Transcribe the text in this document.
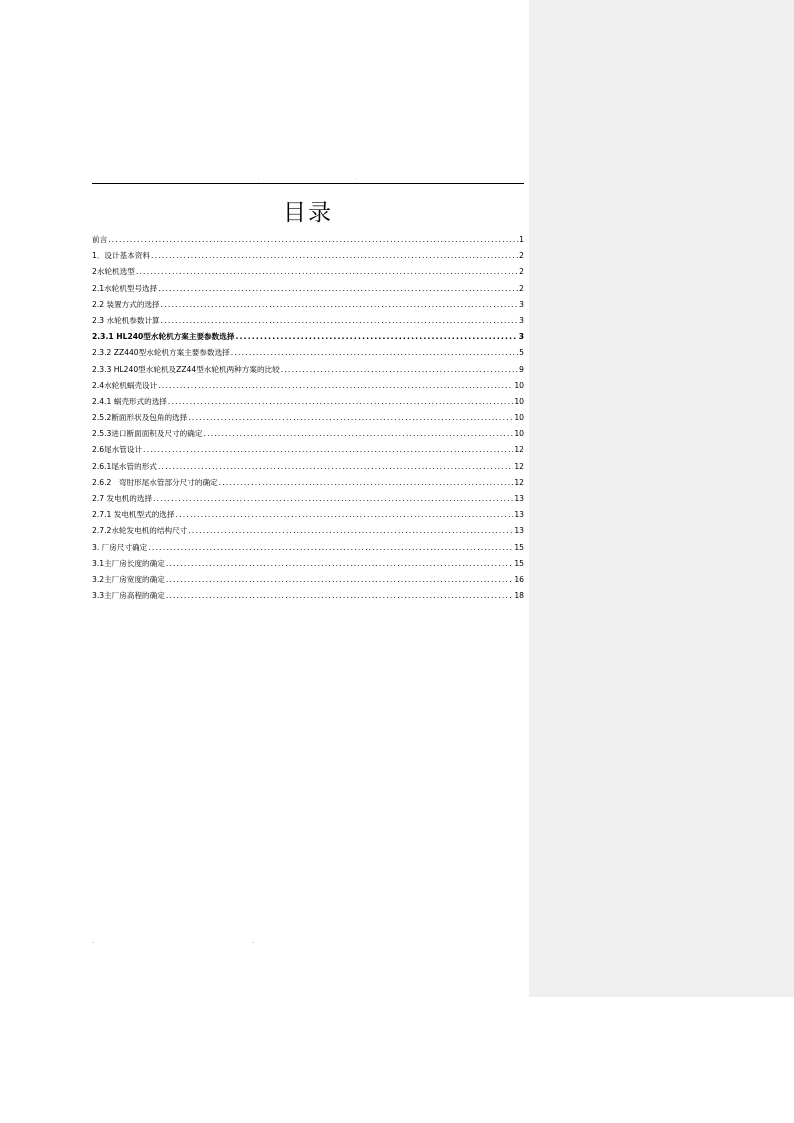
.	.
目录
前言 .....	1
1．设计基本资料 .....	2
2水轮机选型 .....	2
2.1水轮机型号选择 .....	2
2.2 装置方式的选择 .....	3
2.3 水轮机参数计算 .....	3
2.3.1 HL240型水轮机方案主要参数选择 .....	3
2.3.2 ZZ440型水轮机方案主要参数选择 .....	5
2.3.3 HL240型水轮机及ZZ44型水轮机两种方案的比较 .....	9
2.4水轮机蜗壳设计 .....	10
2.4.1 蜗壳形式的选择 .....	10
2.5.2断面形状及包角的选择 .....	10
2.5.3进口断面面积及尺寸的确定 .....	10
2.6尾水管设计 .....	12
2.6.1尾水管的形式 .....	12
2.6.2　弯肘形尾水管部分尺寸的确定 .....	12
2.7 发电机的选择 .....	13
2.7.1 发电机型式的选择 .....	13
2.7.2水轮发电机的结构尺寸 .....	13
3. 厂房尺寸确定 .....	15
3.1主厂房长度的确定 .....	15
3.2主厂房宽度的确定 .....	16
3.3主厂房高程的确定 .....	18
..	..
